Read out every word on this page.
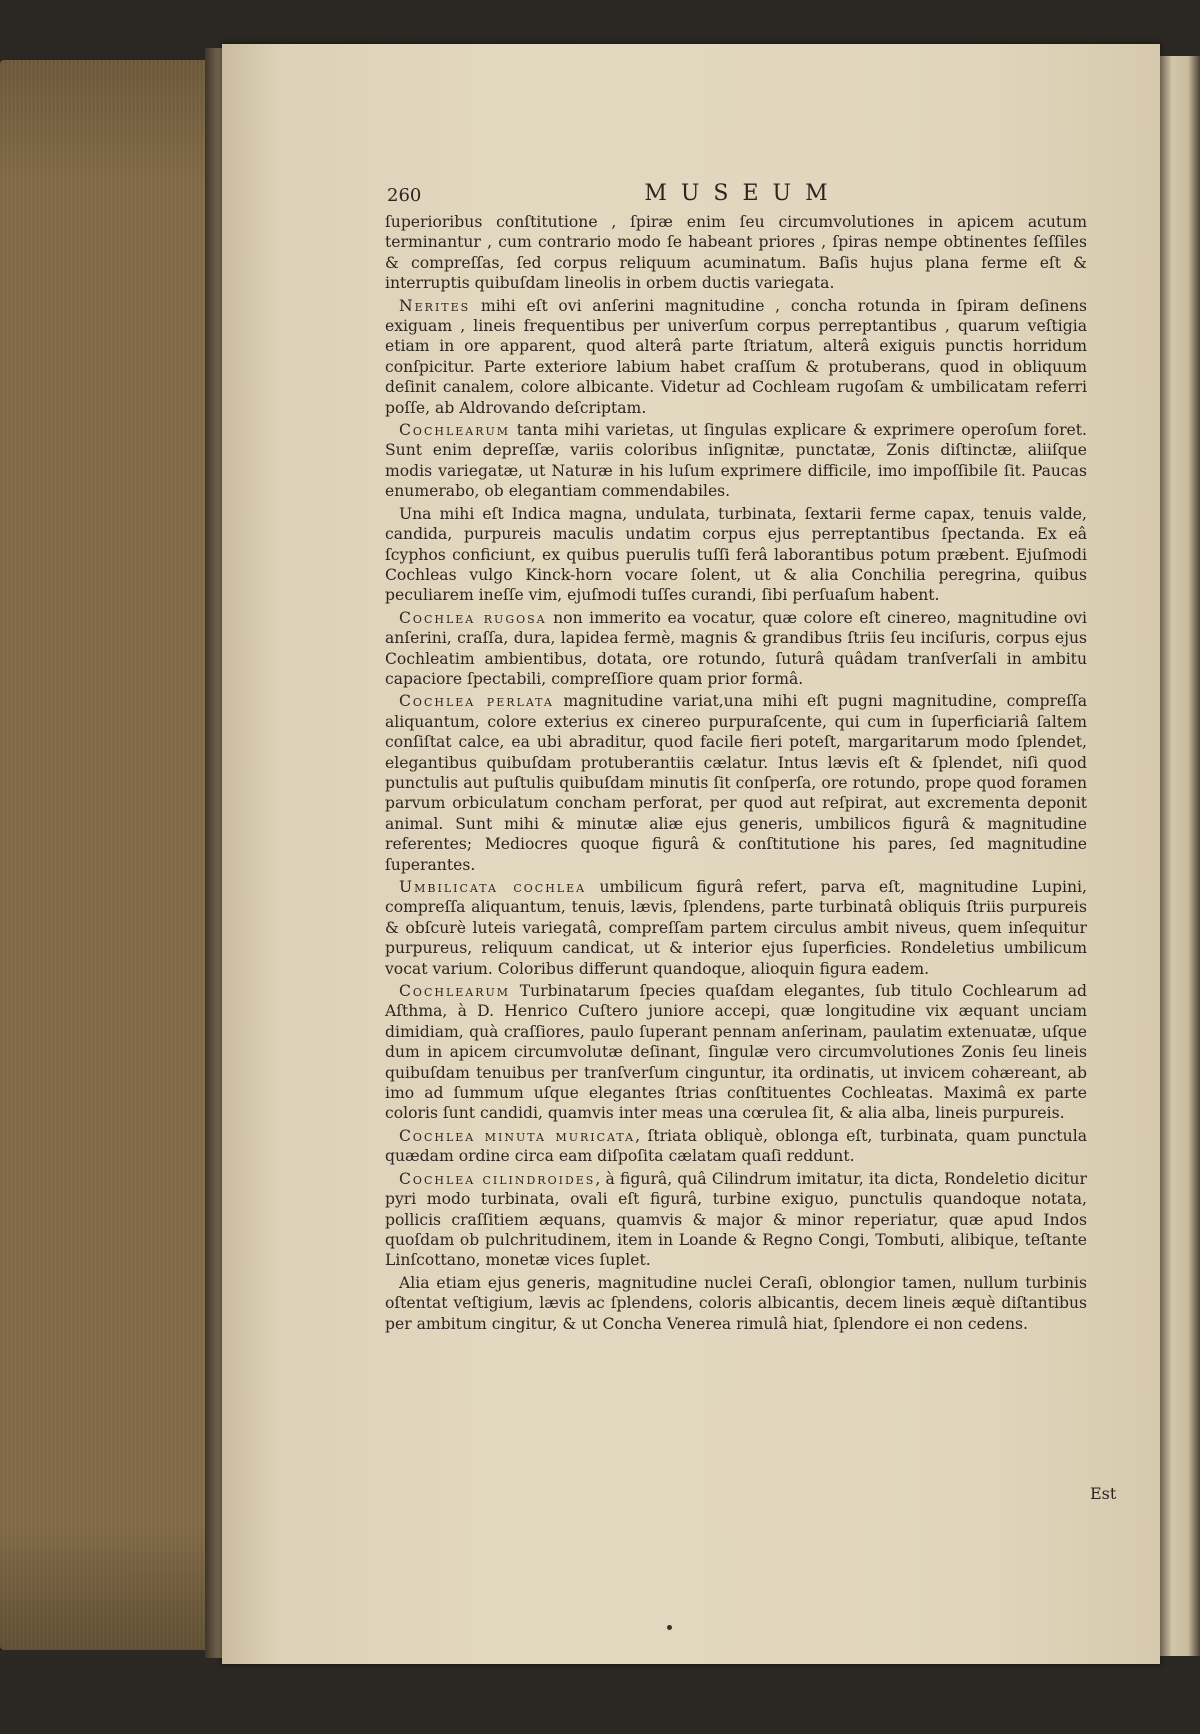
260	MUSEUM

ſuperioribus conſtitutione , ſpiræ enim ſeu circumvolutiones in apicem acutum terminantur , cum contrario modo ſe habeant priores , ſpiras nempe obtinentes ſeſſiles & compreſſas, ſed corpus reliquum acuminatum. Baſis hujus plana ferme eſt & interruptis quibuſdam lineolis in orbem ductis variegata.

Nerites mihi eſt ovi anſerini magnitudine , concha rotunda in ſpiram deſinens exiguam , lineis frequentibus per univerſum corpus perreptantibus , quarum veſtigia etiam in ore apparent, quod alterâ parte ſtriatum, alterâ exiguis punctis horridum conſpicitur. Parte exteriore labium habet craſſum & protuberans, quod in obliquum deſinit canalem, colore albicante. Videtur ad Cochleam rugoſam & umbilicatam referri poſſe, ab Aldrovando deſcriptam.

Cochlearum tanta mihi varietas, ut ſingulas explicare & exprimere operoſum foret. Sunt enim depreſſæ, variis coloribus inſignitæ, punctatæ, Zonis diſtinctæ, aliiſque modis variegatæ, ut Naturæ in his luſum exprimere difficile, imo impoſſibile ſit. Paucas enumerabo, ob elegantiam commendabiles.

Una mihi eſt Indica magna, undulata, turbinata, ſextarii ferme capax, tenuis valde, candida, purpureis maculis undatim corpus ejus perreptantibus ſpectanda. Ex eâ ſcyphos conficiunt, ex quibus puerulis tuſſi ferâ laborantibus potum præbent. Ejuſmodi Cochleas vulgo Kinck-horn vocare ſolent, ut & alia Conchilia peregrina, quibus peculiarem ineſſe vim, ejuſmodi tuſſes curandi, ſibi perſuaſum habent.

Cochlea rugosa non immerito ea vocatur, quæ colore eſt cinereo, magnitudine ovi anſerini, craſſa, dura, lapidea fermè, magnis & grandibus ſtriis ſeu inciſuris, corpus ejus Cochleatim ambientibus, dotata, ore rotundo, ſuturâ quâdam tranſverſali in ambitu capaciore ſpectabili, compreſſiore quam prior formâ.

Cochlea perlata magnitudine variat,una mihi eſt pugni magnitudine, compreſſa aliquantum, colore exterius ex cinereo purpuraſcente, qui cum in ſuperficiariâ ſaltem conſiſtat calce, ea ubi abraditur, quod facile fieri poteſt, margaritarum modo ſplendet, elegantibus quibuſdam protuberantiis cælatur. Intus lævis eſt & ſplendet, niſi quod punctulis aut puſtulis quibuſdam minutis ſit conſperſa, ore rotundo, prope quod foramen parvum orbiculatum concham perforat, per quod aut reſpirat, aut excrementa deponit animal. Sunt mihi & minutæ aliæ ejus generis, umbilicos figurâ & magnitudine referentes; Mediocres quoque figurâ & conſtitutione his pares, ſed magnitudine ſuperantes.

Umbilicata cochlea umbilicum figurâ refert, parva eſt, magnitudine Lupini, compreſſa aliquantum, tenuis, lævis, ſplendens, parte turbinatâ obliquis ſtriis purpureis & obſcurè luteis variegatâ, compreſſam partem circulus ambit niveus, quem inſequitur purpureus, reliquum candicat, ut & interior ejus ſuperficies. Rondeletius umbilicum vocat varium. Coloribus differunt quandoque, alioquin figura eadem.

Cochlearum Turbinatarum ſpecies quaſdam elegantes, ſub titulo Cochlearum ad Aſthma, à D. Henrico Cuſtero juniore accepi, quæ longitudine vix æquant unciam dimidiam, quà craſſiores, paulo ſuperant pennam anſerinam, paulatim extenuatæ, uſque dum in apicem circumvolutæ deſinant, ſingulæ vero circumvolutiones Zonis ſeu lineis quibuſdam tenuibus per tranſverſum cinguntur, ita ordinatis, ut invicem cohæreant, ab imo ad ſummum uſque elegantes ſtrias conſtituentes Cochleatas. Maximâ ex parte coloris ſunt candidi, quamvis inter meas una cœrulea ſit, & alia alba, lineis purpureis.

Cochlea minuta muricata, ſtriata obliquè, oblonga eſt, turbinata, quam punctula quædam ordine circa eam diſpoſita cælatam quaſi reddunt.

Cochlea cilindroides, à figurâ, quâ Cilindrum imitatur, ita dicta, Rondeletio dicitur pyri modo turbinata, ovali eſt figurâ, turbine exiguo, punctulis quandoque notata, pollicis craſſitiem æquans, quamvis & major & minor reperiatur, quæ apud Indos quoſdam ob pulchritudinem, item in Loande & Regno Congi, Tombuti, alibique, teſtante Linſcottano, monetæ vices ſuplet.

Alia etiam ejus generis, magnitudine nuclei Ceraſi, oblongior tamen, nullum turbinis oſtentat veſtigium, lævis ac ſplendens, coloris albicantis, decem lineis æquè diſtantibus per ambitum cingitur, & ut Concha Venerea rimulâ hiat, ſplendore ei non cedens.

Est
